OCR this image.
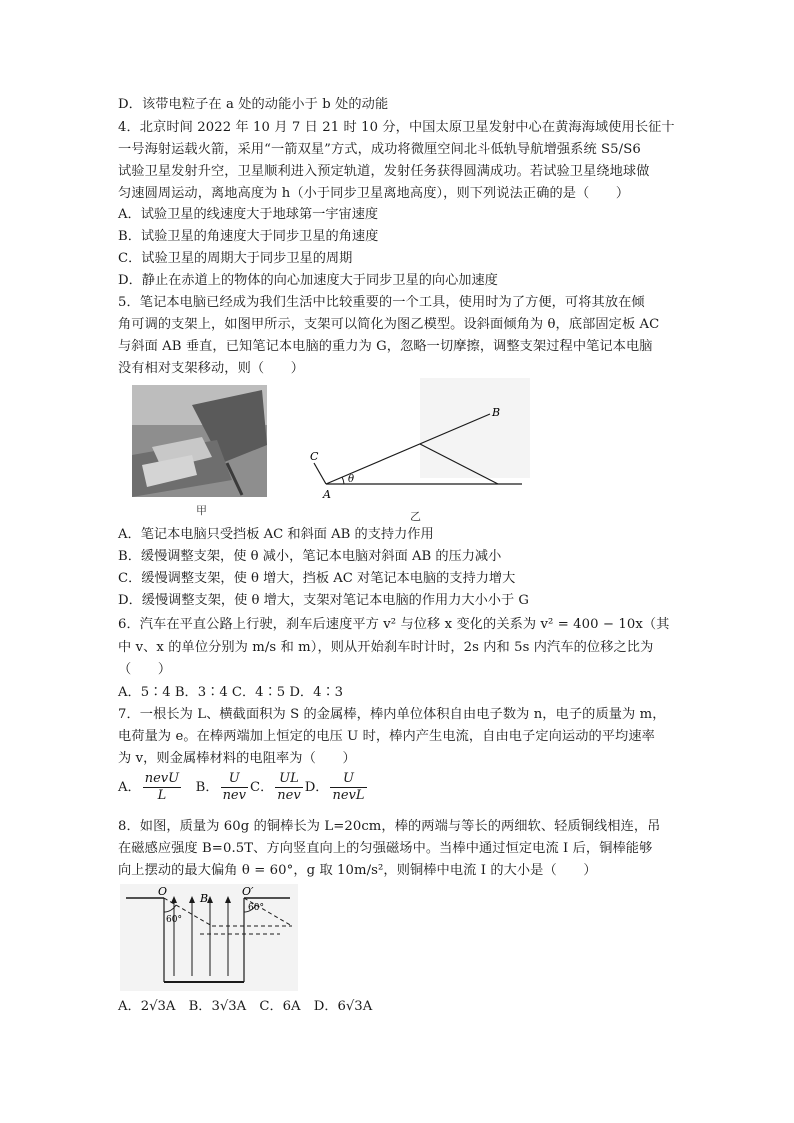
D．该带电粒子在 a 处的动能小于 b 处的动能
4．北京时间 2022 年 10 月 7 日 21 时 10 分，中国太原卫星发射中心在黄海海域使用长征十
一号海射运载火箭，采用“一箭双星”方式，成功将微厘空间北斗低轨导航增强系统 S5/S6
试验卫星发射升空，卫星顺利进入预定轨道，发射任务获得圆满成功。若试验卫星绕地球做
匀速圆周运动，离地高度为 h（小于同步卫星离地高度），则下列说法正确的是（　　）
A．试验卫星的线速度大于地球第一宇宙速度
B．试验卫星的角速度大于同步卫星的角速度
C．试验卫星的周期大于同步卫星的周期
D．静止在赤道上的物体的向心加速度大于同步卫星的向心加速度
5．笔记本电脑已经成为我们生活中比较重要的一个工具，使用时为了方便，可将其放在倾
角可调的支架上，如图甲所示，支架可以简化为图乙模型。设斜面倾角为 θ，底部固定板 AC
与斜面 AB 垂直，已知笔记本电脑的重力为 G，忽略一切摩擦，调整支架过程中笔记本电脑
没有相对支架移动，则（　　）
甲
A
B
C
θ
乙
A．笔记本电脑只受挡板 AC 和斜面 AB 的支持力作用
B．缓慢调整支架，使 θ 减小，笔记本电脑对斜面 AB 的压力减小
C．缓慢调整支架，使 θ 增大，挡板 AC 对笔记本电脑的支持力增大
D．缓慢调整支架，使 θ 增大，支架对笔记本电脑的作用力大小小于 G
6．汽车在平直公路上行驶，刹车后速度平方 v² 与位移 x 变化的关系为 v² = 400 − 10x（其
中 v、x 的单位分别为 m/s 和 m），则从开始刹车时计时，2s 内和 5s 内汽车的位移之比为
（　　）
A．5∶4 B．3∶4 C．4∶5 D．4∶3
7．一根长为 L、横截面积为 S 的金属棒，棒内单位体积自由电子数为 n，电子的质量为 m，
电荷量为 e。在棒两端加上恒定的电压 U 时，棒内产生电流，自由电子定向运动的平均速率
为 v，则金属棒材料的电阻率为（　　）
A． $\frac{\text{nevU}}{L}$ B． $\frac{U}{\text{nev}}$ C． $\frac{UL}{\text{nev}}$ D． $\frac{U}{\text{nevL}}$
8．如图，质量为 60g 的铜棒长为 L=20cm，棒的两端与等长的两细软、轻质铜线相连，吊
在磁感应强度 B=0.5T、方向竖直向上的匀强磁场中。当棒中通过恒定电流 I 后，铜棒能够
向上摆动的最大偏角 θ = 60°，g 取 10m/s²，则铜棒中电流 I 的大小是（　　）
O	O′
B
60°
60°
A．2√3A　B．3√3A　C．6A　D．6√3A
